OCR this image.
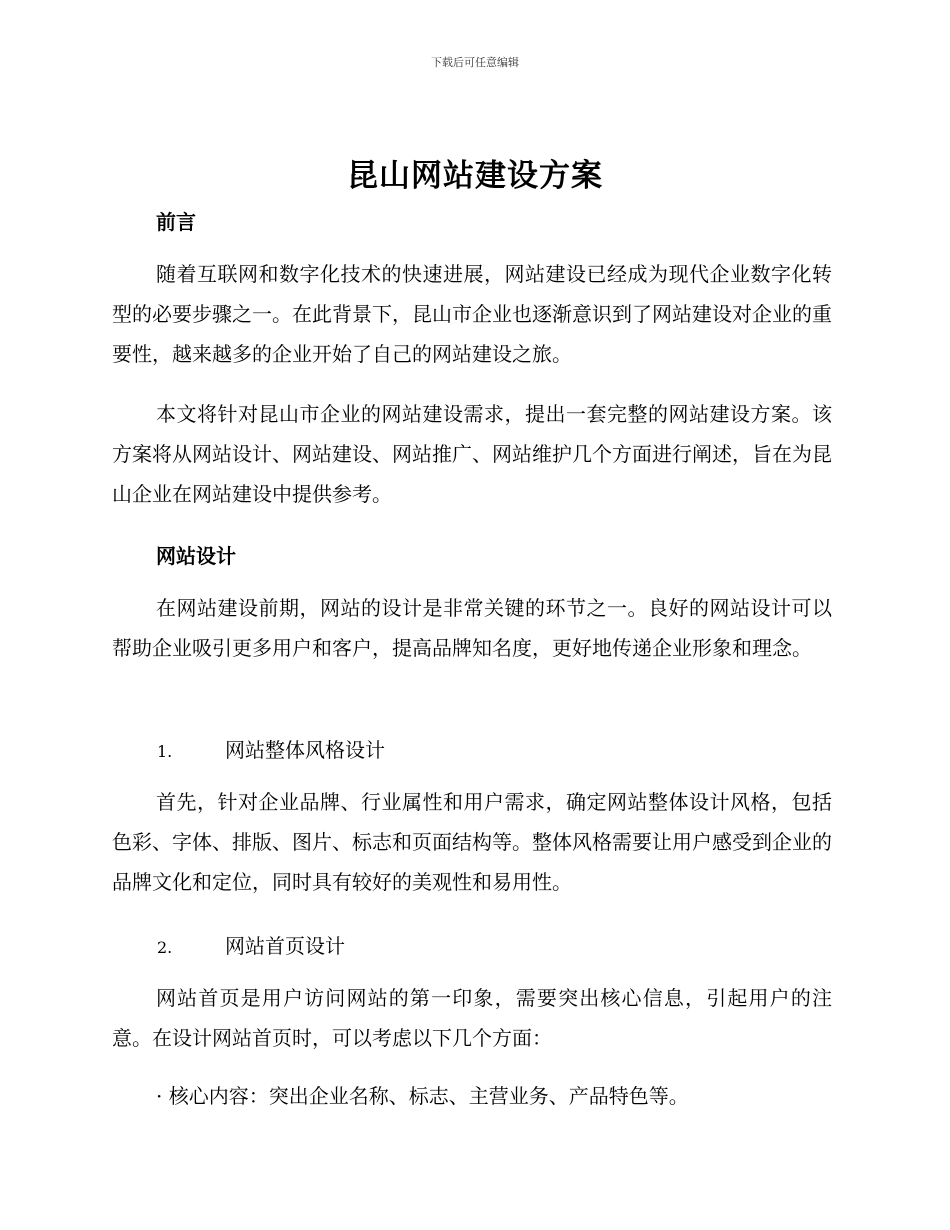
下载后可任意编辑
昆山网站建设方案
前言

随着互联网和数字化技术的快速进展，网站建设已经成为现代企业数字化转型的必要步骤之一。在此背景下，昆山市企业也逐渐意识到了网站建设对企业的重要性，越来越多的企业开始了自己的网站建设之旅。

本文将针对昆山市企业的网站建设需求，提出一套完整的网站建设方案。该方案将从网站设计、网站建设、网站推广、网站维护几个方面进行阐述，旨在为昆山企业在网站建设中提供参考。

网站设计

在网站建设前期，网站的设计是非常关键的环节之一。良好的网站设计可以帮助企业吸引更多用户和客户，提高品牌知名度，更好地传递企业形象和理念。

1.	网站整体风格设计

首先，针对企业品牌、行业属性和用户需求，确定网站整体设计风格，包括色彩、字体、排版、图片、标志和页面结构等。整体风格需要让用户感受到企业的品牌文化和定位，同时具有较好的美观性和易用性。

2.	网站首页设计

网站首页是用户访问网站的第一印象，需要突出核心信息，引起用户的注意。在设计网站首页时，可以考虑以下几个方面：

· 核心内容：突出企业名称、标志、主营业务、产品特色等。
